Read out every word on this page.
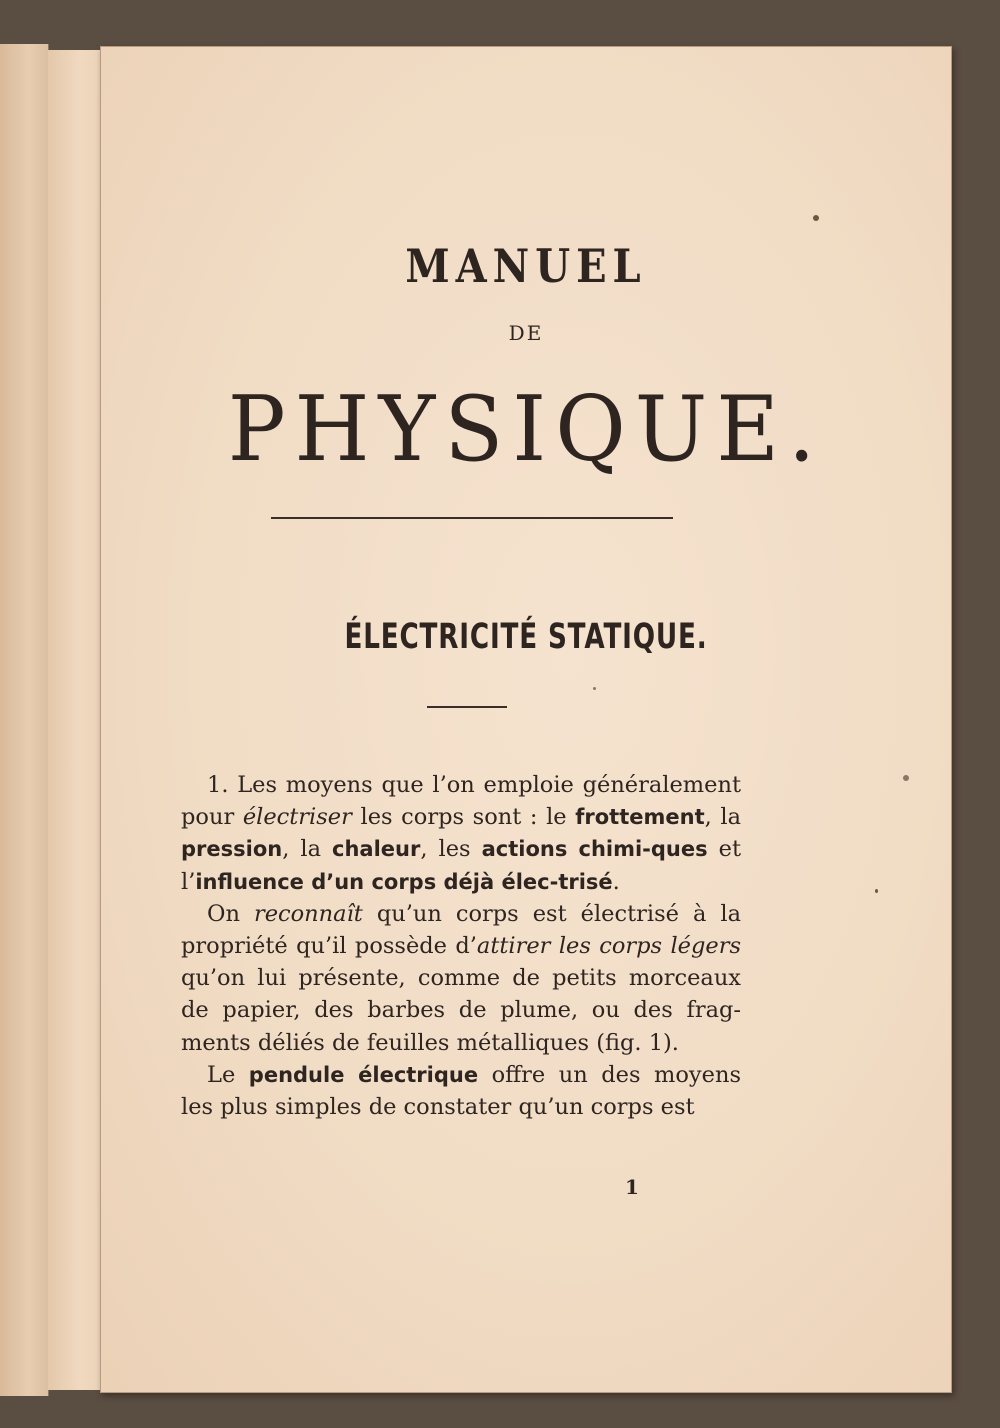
MANUEL
DE
PHYSIQUE.
ÉLECTRICITÉ STATIQUE.

1. Les moyens que l’on emploie généralement pour électriser les corps sont : le frottement, la pression, la chaleur, les actions chimi-ques et l’influence d’un corps déjà élec-trisé.

On reconnaît qu’un corps est électrisé à la propriété qu’il possède d’attirer les corps légers qu’on lui présente, comme de petits morceaux de papier, des barbes de plume, ou des frag-ments déliés de feuilles métalliques (fig. 1).

Le pendule électrique offre un des moyens les plus simples de constater qu’un corps est

1
